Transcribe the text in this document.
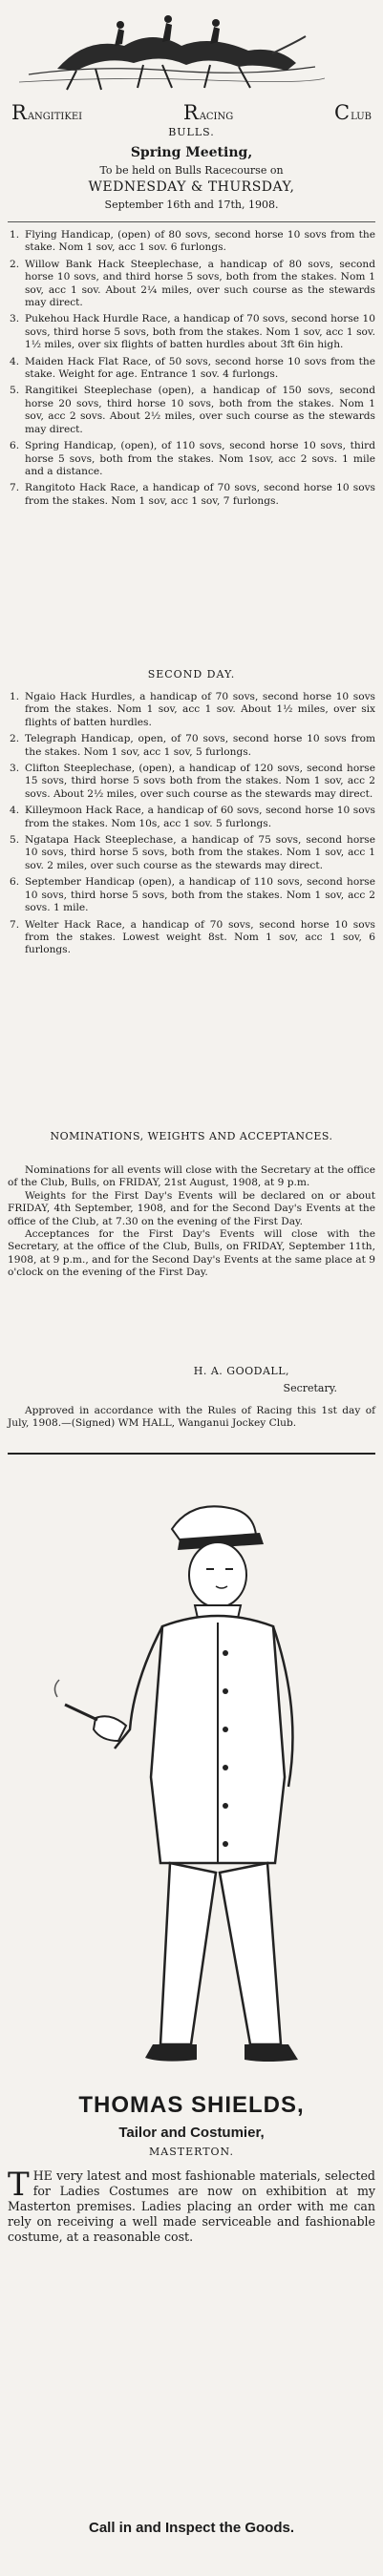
RANGITIKEI	RACING	CLUB

BULLS.

Spring Meeting,

To be held on Bulls Racecourse on

WEDNESDAY & THURSDAY,

September 16th and 17th, 1908.

1. Flying Handicap, (open) of 80 sovs, second horse 10 sovs from the stake. Nom 1 sov, acc 1 sov. 6 furlongs.

2. Willow Bank Hack Steeplechase, a handicap of 80 sovs, second horse 10 sovs, and third horse 5 sovs, both from the stakes. Nom 1 sov, acc 1 sov. About 2¼ miles, over such course as the stewards may direct.

3. Pukehou Hack Hurdle Race, a handicap of 70 sovs, second horse 10 sovs, third horse 5 sovs, both from the stakes. Nom 1 sov, acc 1 sov. 1½ miles, over six flights of batten hurdles about 3ft 6in high.

4. Maiden Hack Flat Race, of 50 sovs, second horse 10 sovs from the stake. Weight for age. Entrance 1 sov. 4 furlongs.

5. Rangitikei Steeplechase (open), a handicap of 150 sovs, second horse 20 sovs, third horse 10 sovs, both from the stakes. Nom 1 sov, acc 2 sovs. About 2½ miles, over such course as the stewards may direct.

6. Spring Handicap, (open), of 110 sovs, second horse 10 sovs, third horse 5 sovs, both from the stakes. Nom 1sov, acc 2 sovs. 1 mile and a distance.

7. Rangitoto Hack Race, a handicap of 70 sovs, second horse 10 sovs from the stakes. Nom 1 sov, acc 1 sov, 7 furlongs.

SECOND DAY.

1. Ngaio Hack Hurdles, a handicap of 70 sovs, second horse 10 sovs from the stakes. Nom 1 sov, acc 1 sov. About 1½ miles, over six flights of batten hurdles.

2. Telegraph Handicap, open, of 70 sovs, second horse 10 sovs from the stakes. Nom 1 sov, acc 1 sov, 5 furlongs.

3. Clifton Steeplechase, (open), a handicap of 120 sovs, second horse 15 sovs, third horse 5 sovs both from the stakes. Nom 1 sov, acc 2 sovs. About 2½ miles, over such course as the stewards may direct.

4. Killeymoon Hack Race, a handicap of 60 sovs, second horse 10 sovs from the stakes. Nom 10s, acc 1 sov. 5 furlongs.

5. Ngatapa Hack Steeplechase, a handicap of 75 sovs, second horse 10 sovs, third horse 5 sovs, both from the stakes. Nom 1 sov, acc 1 sov. 2 miles, over such course as the stewards may direct.

6. September Handicap (open), a handicap of 110 sovs, second horse 10 sovs, third horse 5 sovs, both from the stakes. Nom 1 sov, acc 2 sovs. 1 mile.

7. Welter Hack Race, a handicap of 70 sovs, second horse 10 sovs from the stakes. Lowest weight 8st. Nom 1 sov, acc 1 sov, 6 furlongs.

NOMINATIONS, WEIGHTS AND ACCEPTANCES.

Nominations for all events will close with the Secretary at the office of the Club, Bulls, on FRIDAY, 21st August, 1908, at 9 p.m.

Weights for the First Day's Events will be declared on or about FRIDAY, 4th September, 1908, and for the Second Day's Events at the office of the Club, at 7.30 on the evening of the First Day.

Acceptances for the First Day's Events will close with the Secretary, at the office of the Club, Bulls, on FRIDAY, September 11th, 1908, at 9 p.m., and for the Second Day's Events at the same place at 9 o'clock on the evening of the First Day.

H. A. GOODALL,

Secretary.

Approved in accordance with the Rules of Racing this 1st day of July, 1908.—(Signed) WM HALL, Wanganui Jockey Club.

THOMAS SHIELDS,

Tailor and Costumier,

MASTERTON.

T HE very latest and most fashionable materials, selected for Ladies Costumes are now on exhibition at my Masterton premises. Ladies placing an order with me can rely on receiving a well made serviceable and fashionable costume, at a reasonable cost.

Call in and Inspect the Goods.
